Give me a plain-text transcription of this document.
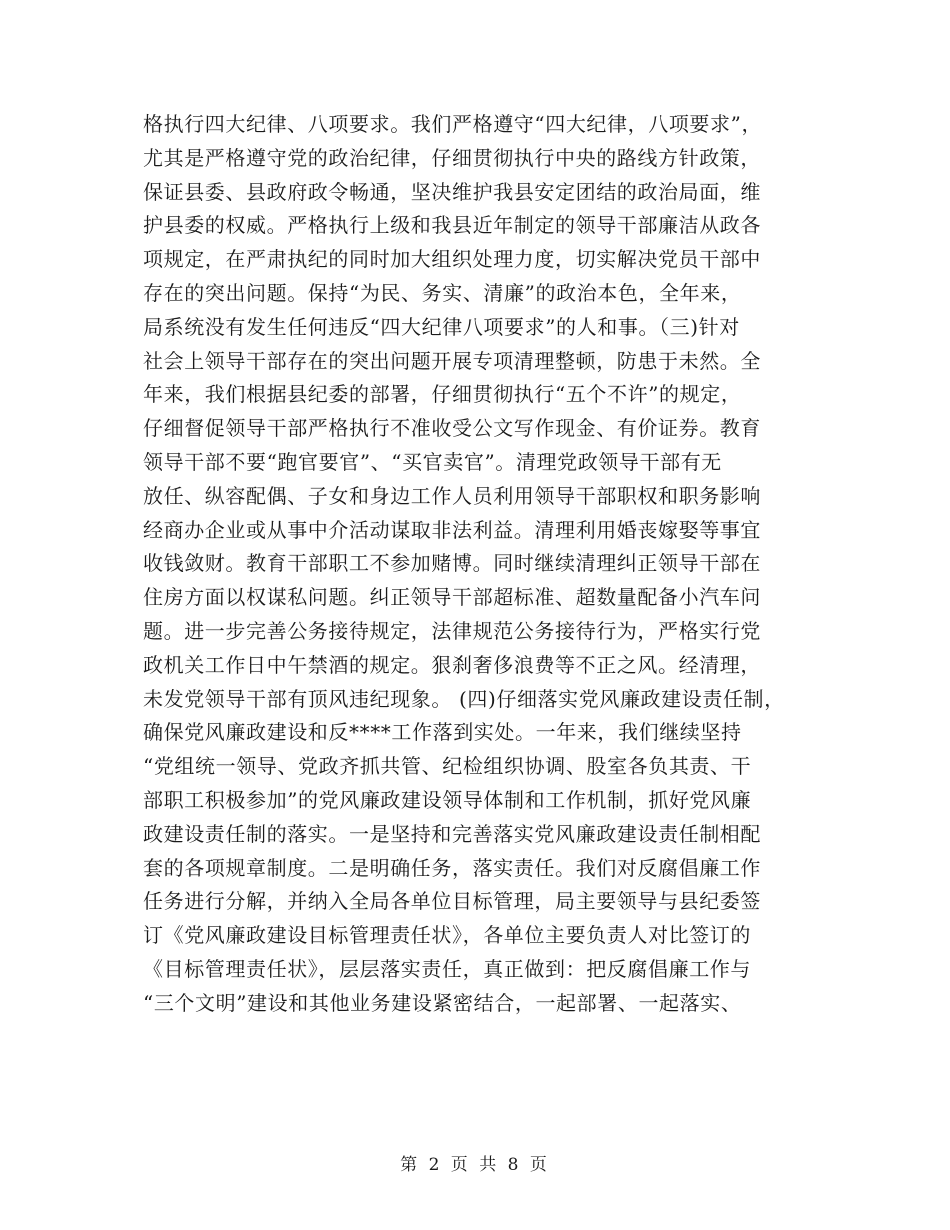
格执行四大纪律、八项要求。我们严格遵守“四大纪律，八项要求”，
尤其是严格遵守党的政治纪律，仔细贯彻执行中央的路线方针政策，
保证县委、县政府政令畅通，坚决维护我县安定团结的政治局面，维
护县委的权威。严格执行上级和我县近年制定的领导干部廉洁从政各
项规定，在严肃执纪的同时加大组织处理力度，切实解决党员干部中
存在的突出问题。保持“为民、务实、清廉”的政治本色，全年来，
局系统没有发生任何违反“四大纪律八项要求”的人和事。（三)针对
社会上领导干部存在的突出问题开展专项清理整顿，防患于未然。全
年来，我们根据县纪委的部署，仔细贯彻执行“五个不许”的规定，
仔细督促领导干部严格执行不准收受公文写作现金、有价证券。教育
领导干部不要“跑官要官”、“买官卖官”。清理党政领导干部有无
放任、纵容配偶、子女和身边工作人员利用领导干部职权和职务影响
经商办企业或从事中介活动谋取非法利益。清理利用婚丧嫁娶等事宜
收钱敛财。教育干部职工不参加赌博。同时继续清理纠正领导干部在
住房方面以权谋私问题。纠正领导干部超标准、超数量配备小汽车问
题。进一步完善公务接待规定，法律规范公务接待行为，严格实行党
政机关工作日中午禁酒的规定。狠刹奢侈浪费等不正之风。经清理，
未发党领导干部有顶风违纪现象。 (四)仔细落实党风廉政建设责任制，
确保党风廉政建设和反****工作落到实处。一年来，我们继续坚持
“党组统一领导、党政齐抓共管、纪检组织协调、股室各负其责、干
部职工积极参加”的党风廉政建设领导体制和工作机制，抓好党风廉
政建设责任制的落实。一是坚持和完善落实党风廉政建设责任制相配
套的各项规章制度。二是明确任务，落实责任。我们对反腐倡廉工作
任务进行分解，并纳入全局各单位目标管理，局主要领导与县纪委签
订《党风廉政建设目标管理责任状》，各单位主要负责人对比签订的
《目标管理责任状》，层层落实责任，真正做到：把反腐倡廉工作与
“三个文明”建设和其他业务建设紧密结合，一起部署、一起落实、
第 2 页 共 8 页
